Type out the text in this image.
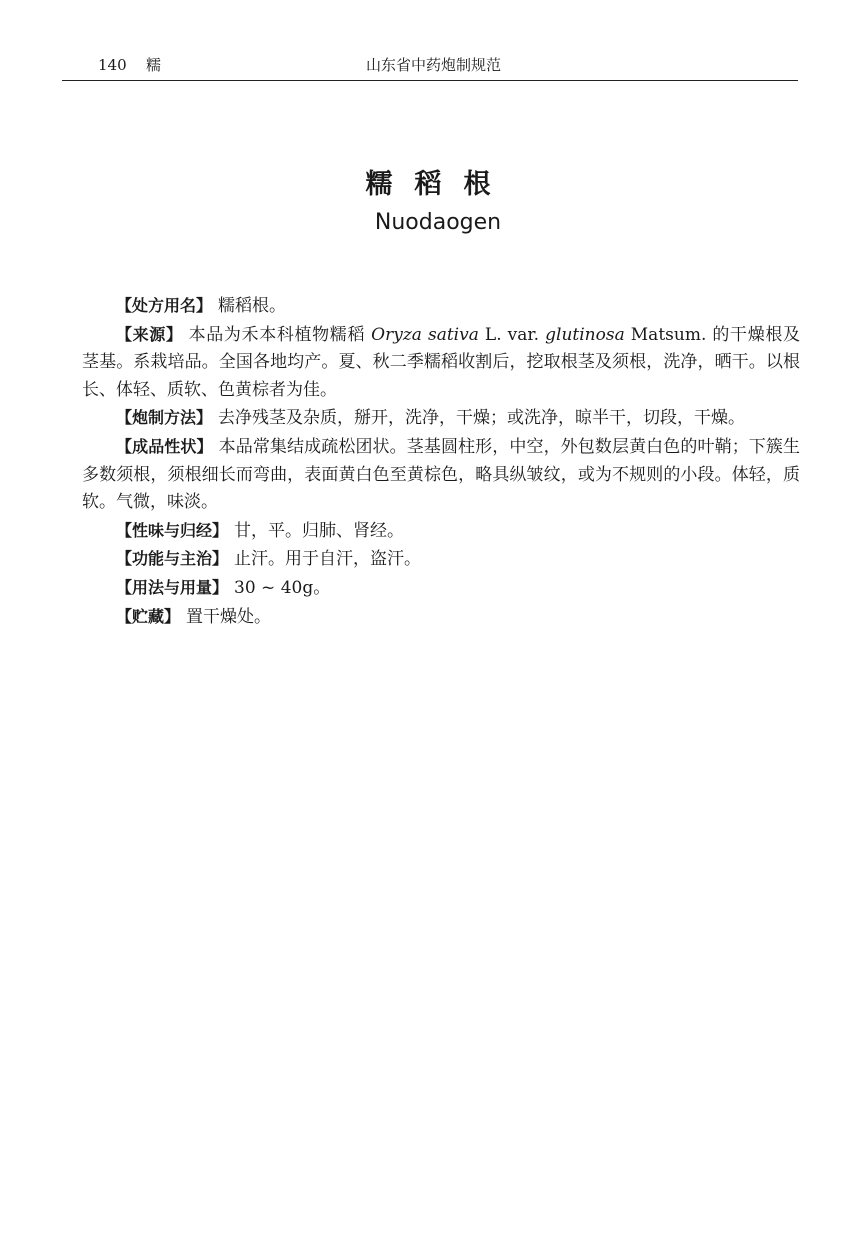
140 糯	山东省中药炮制规范
糯稻根
Nuodaogen

【处方用名】 糯稻根。

【来源】 本品为禾本科植物糯稻 Oryza sativa L. var. glutinosa Matsum. 的干燥根及茎基。系栽培品。全国各地均产。夏、秋二季糯稻收割后，挖取根茎及须根，洗净，晒干。以根长、体轻、质软、色黄棕者为佳。

【炮制方法】 去净残茎及杂质，掰开，洗净，干燥；或洗净，晾半干，切段，干燥。

【成品性状】 本品常集结成疏松团状。茎基圆柱形，中空，外包数层黄白色的叶鞘；下簇生多数须根，须根细长而弯曲，表面黄白色至黄棕色，略具纵皱纹，或为不规则的小段。体轻，质软。气微，味淡。

【性味与归经】 甘，平。归肺、肾经。

【功能与主治】 止汗。用于自汗，盗汗。

【用法与用量】 30 ~ 40g。

【贮藏】 置干燥处。
